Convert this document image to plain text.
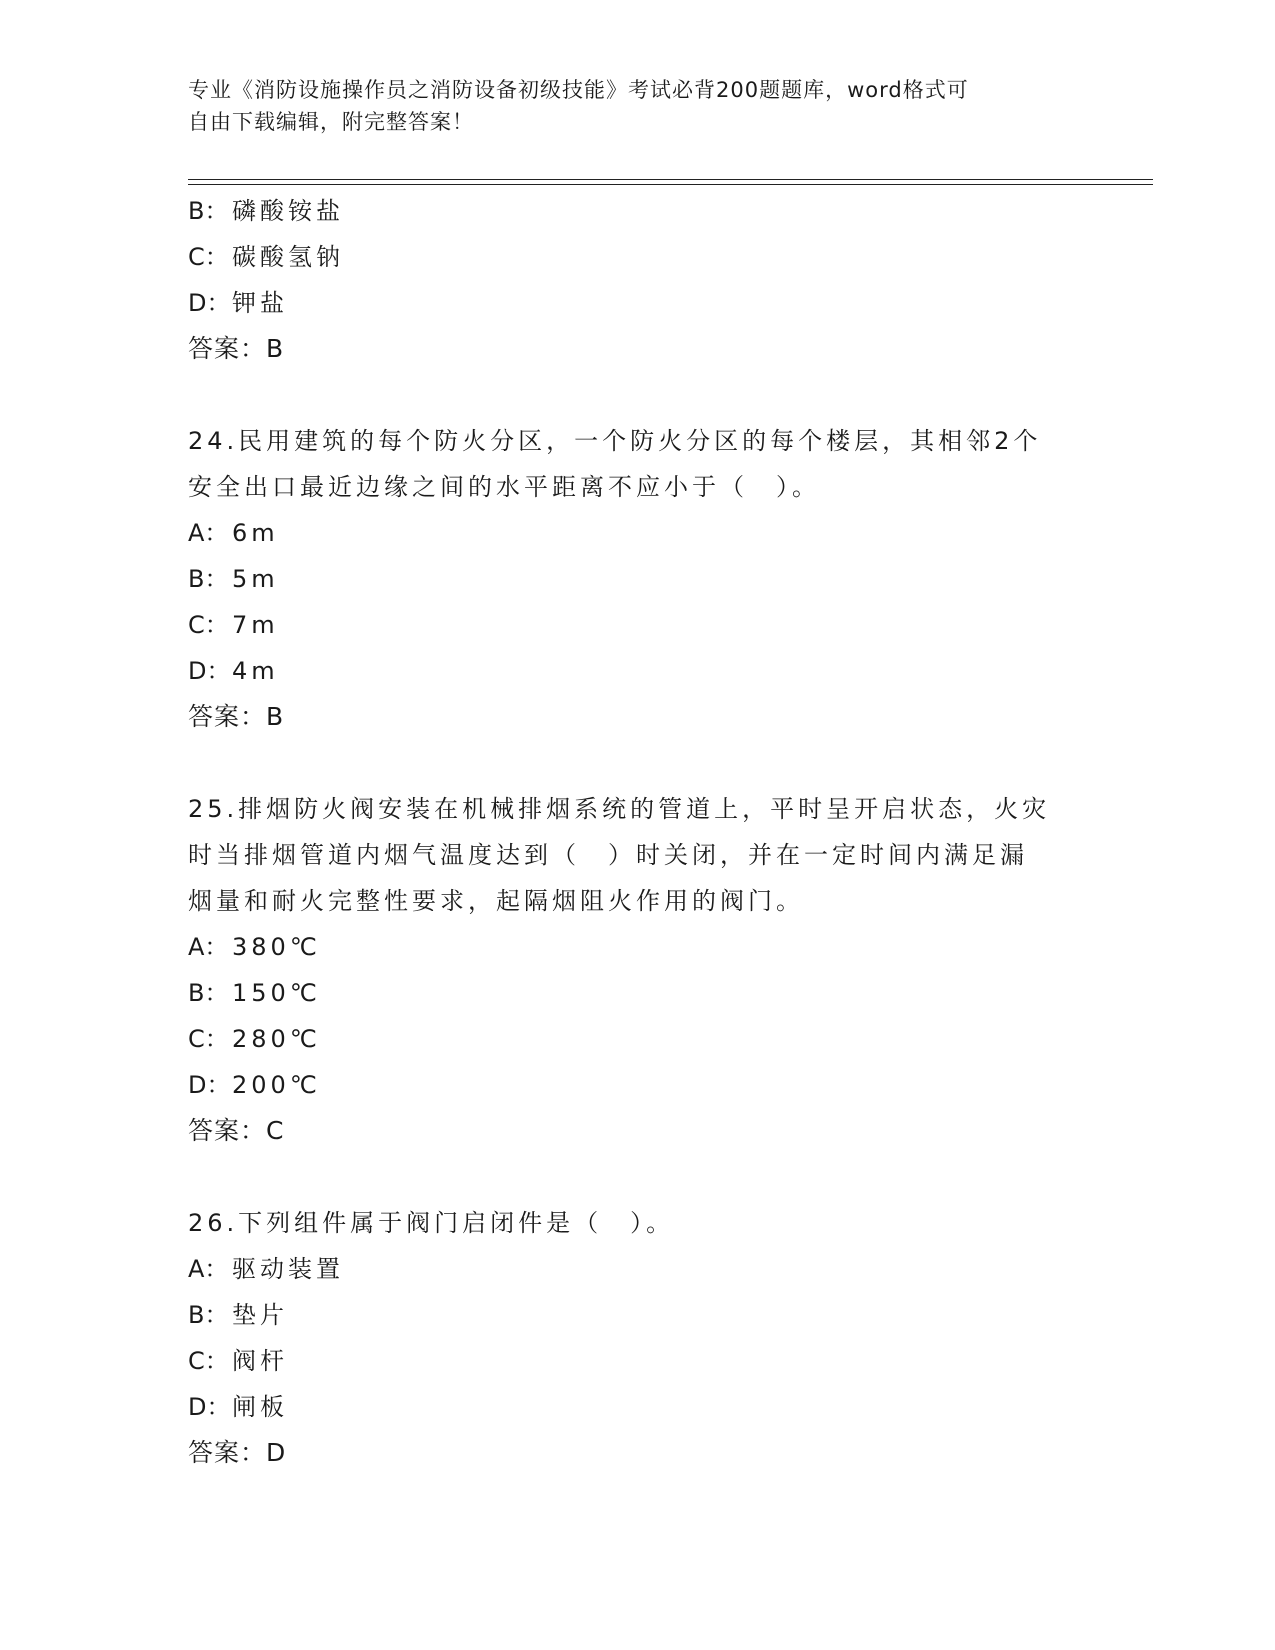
专业《消防设施操作员之消防设备初级技能》考试必背200题题库，word格式可
自由下载编辑，附完整答案！
B： 磷酸铵盐
C： 碳酸氢钠
D：钾盐
答案：B
24.民用建筑的每个防火分区，一个防火分区的每个楼层，其相邻2个
安全出口最近边缘之间的水平距离不应小于（　）。
A： 6m
B： 5m
C： 7m
D：4m
答案：B
25.排烟防火阀安装在机械排烟系统的管道上，平时呈开启状态，火灾
时当排烟管道内烟气温度达到（　）时关闭，并在一定时间内满足漏
烟量和耐火完整性要求，起隔烟阻火作用的阀门。
A： 380℃
B： 150℃
C： 280℃
D：200℃
答案：C
26.下列组件属于阀门启闭件是（　）。
A： 驱动装置
B： 垫片
C： 阀杆
D：闸板
答案：D
